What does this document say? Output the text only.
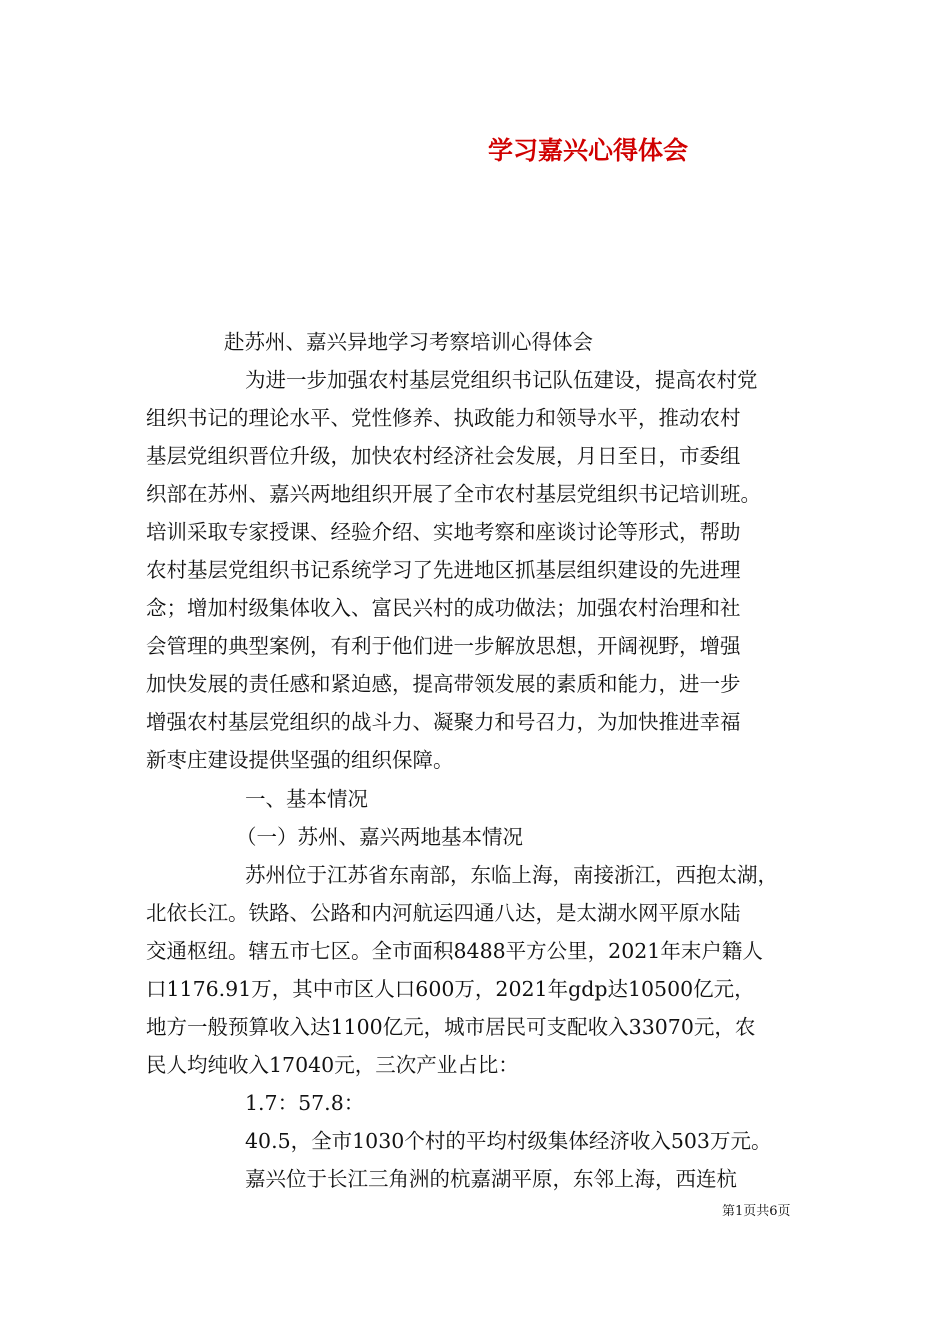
学习嘉兴心得体会
赴苏州、嘉兴异地学习考察培训心得体会
为进一步加强农村基层党组织书记队伍建设，提高农村党
组织书记的理论水平、党性修养、执政能力和领导水平，推动农村
基层党组织晋位升级，加快农村经济社会发展，月日至日，市委组
织部在苏州、嘉兴两地组织开展了全市农村基层党组织书记培训班。
培训采取专家授课、经验介绍、实地考察和座谈讨论等形式，帮助
农村基层党组织书记系统学习了先进地区抓基层组织建设的先进理
念；增加村级集体收入、富民兴村的成功做法；加强农村治理和社
会管理的典型案例，有利于他们进一步解放思想，开阔视野，增强
加快发展的责任感和紧迫感，提高带领发展的素质和能力，进一步
增强农村基层党组织的战斗力、凝聚力和号召力，为加快推进幸福
新枣庄建设提供坚强的组织保障。
一、基本情况
（一）苏州、嘉兴两地基本情况
苏州位于江苏省东南部，东临上海，南接浙江，西抱太湖，
北依长江。铁路、公路和内河航运四通八达，是太湖水网平原水陆
交通枢纽。辖五市七区。全市面积8488平方公里，2021年末户籍人
口1176.91万，其中市区人口600万，2021年gdp达10500亿元，
地方一般预算收入达1100亿元，城市居民可支配收入33070元，农
民人均纯收入17040元，三次产业占比：
1.7：57.8：
40.5，全市1030个村的平均村级集体经济收入503万元。
嘉兴位于长江三角洲的杭嘉湖平原，东邻上海，西连杭
第1页共6页
